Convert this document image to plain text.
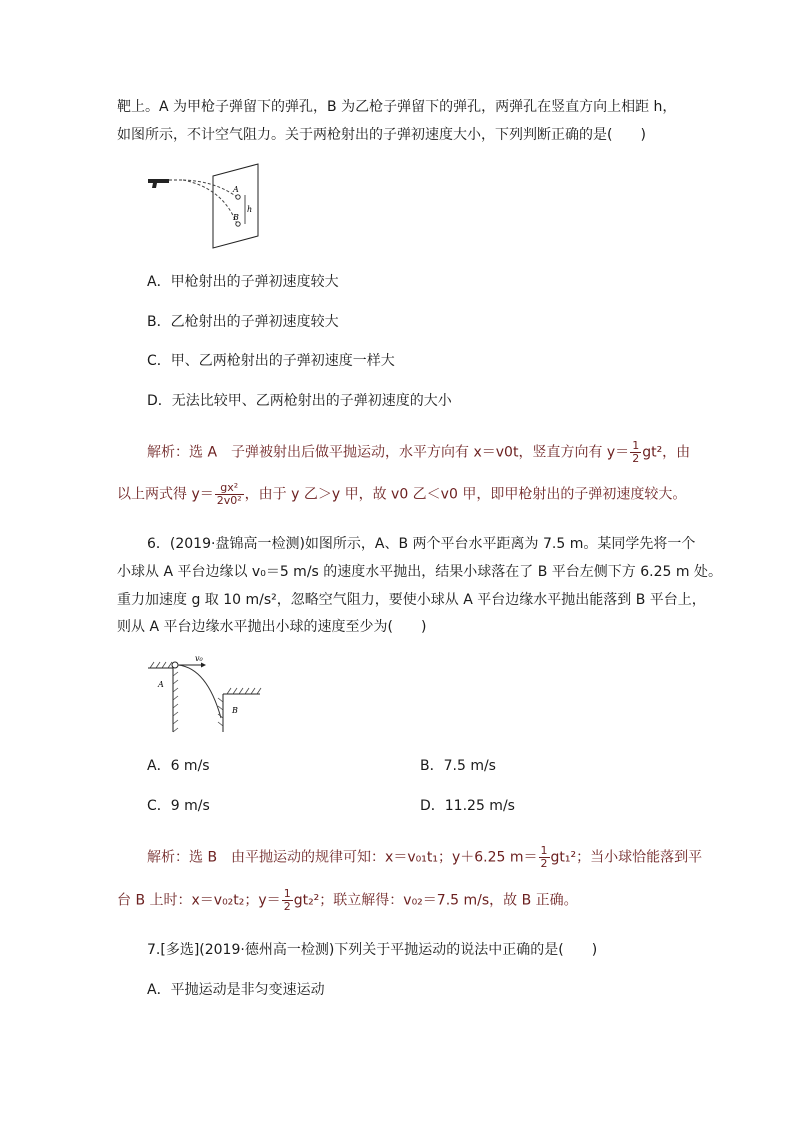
靶上。A 为甲枪子弹留下的弹孔，B 为乙枪子弹留下的弹孔，两弹孔在竖直方向上相距 h，
如图所示，不计空气阻力。关于两枪射出的子弹初速度大小，下列判断正确的是(　　)
A
B
h
A．甲枪射出的子弹初速度较大
B．乙枪射出的子弹初速度较大
C．甲、乙两枪射出的子弹初速度一样大
D．无法比较甲、乙两枪射出的子弹初速度的大小
解析：选 A　子弹被射出后做平抛运动，水平方向有 x＝v0t，竖直方向有 $y= \frac{1}{2} gt^2$，由
以上两式得 $y= \frac{\text{gx²}}{\text{2v0²}}$ ，由于 y 乙＞y 甲，故 v0 乙＜v0 甲，即甲枪射出的子弹初速度较大。
6．(2019·盘锦高一检测)如图所示，A、B 两个平台水平距离为 7.5 m。某同学先将一个
小球从 A 平台边缘以 v₀＝5 m/s 的速度水平抛出，结果小球落在了 B 平台左侧下方 6.25 m 处。
重力加速度 g 取 10 m/s²，忽略空气阻力，要使小球从 A 平台边缘水平抛出能落到 B 平台上，
则从 A 平台边缘水平抛出小球的速度至少为(　　)
v₀
A
B
A．6 m/s	B．7.5 m/s
C．9 m/s	D．11.25 m/s
解析：选 B　由平抛运动的规律可知：x＝v₀₁t₁；y＋6.25 $m= \frac{1}{2} gt_1^2$；当小球恰能落到平
台 B 上时：x＝v₀₂t₂；$y= \frac{1}{2} gt_2^2$；联立解得：v₀₂＝7.5 m/s，故 B 正确。
7.[多选](2019·德州高一检测)下列关于平抛运动的说法中正确的是(　　)
A．平抛运动是非匀变速运动
